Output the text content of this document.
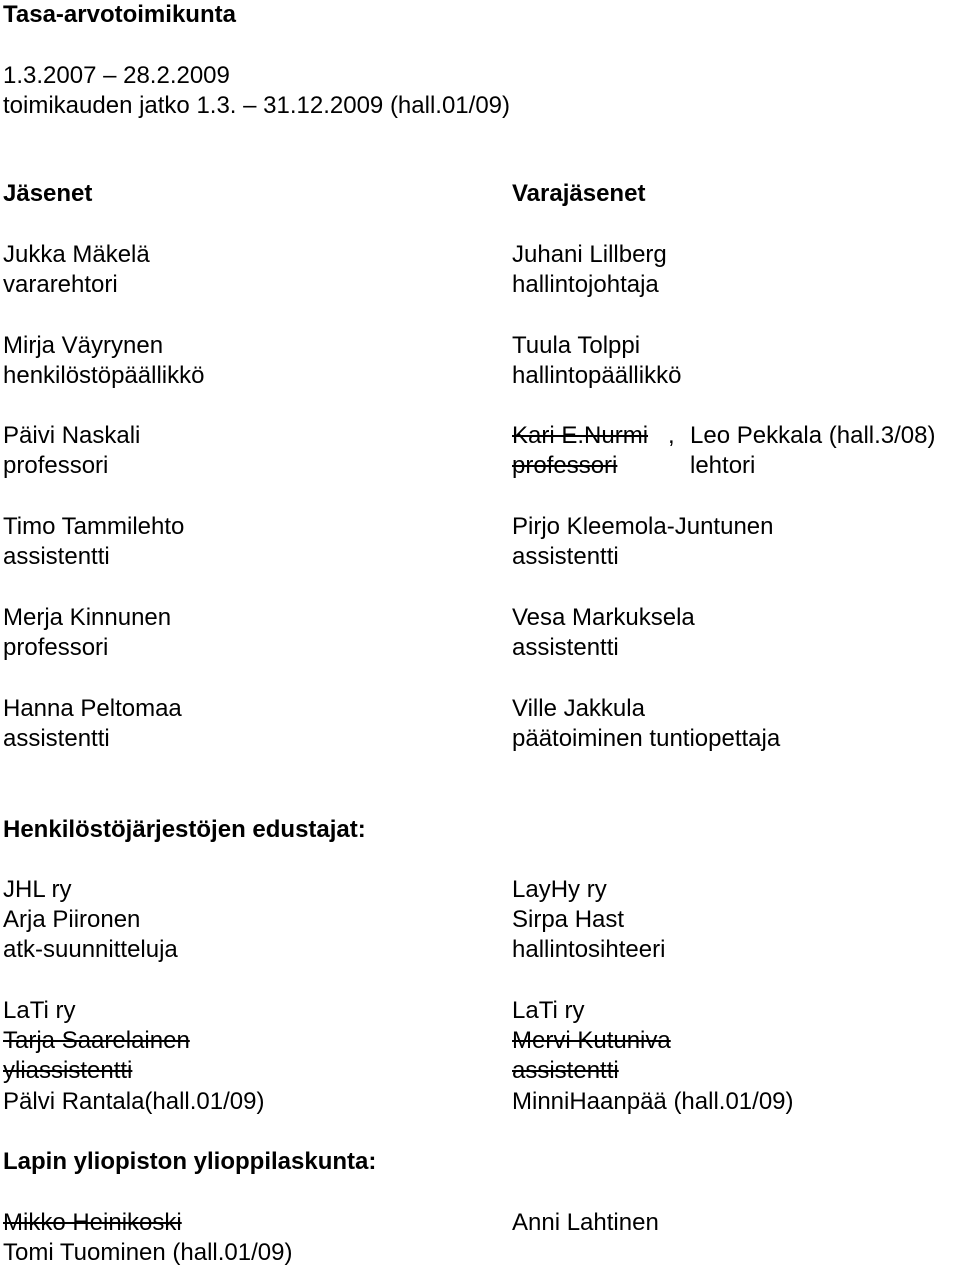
Tasa-arvotoimikunta
1.3.2007 – 28.2.2009
toimikauden jatko 1.3. – 31.12.2009 (hall.01/09)
Jäsenet	Varajäsenet
Jukka Mäkelä
vararehtori
Mirja Väyrynen
henkilöstöpäällikkö
Päivi Naskali
professori
Timo Tammilehto
assistentti
Merja Kinnunen
professori
Hanna Peltomaa
assistentti
Juhani Lillberg
hallintojohtaja
Tuula Tolppi
hallintopäällikkö
Kari E.Nurmi , Leo Pekkala (hall.3/08)
professori	lehtori
Pirjo Kleemola-Juntunen
assistentti
Vesa Markuksela
assistentti
Ville Jakkula
päätoiminen tuntiopettaja
Henkilöstöjärjestöjen edustajat:
JHL ry
Arja Piironen
atk-suunnitteluja
LaTi ry
Tarja Saarelainen
yliassistentti
Pälvi Rantala(hall.01/09)
LayHy ry
Sirpa Hast
hallintosihteeri
LaTi ry
Mervi Kutuniva
assistentti
MinniHaanpää (hall.01/09)
Lapin yliopiston ylioppilaskunta:
Mikko Heinikoski
Tomi Tuominen (hall.01/09)
Anni Lahtinen
